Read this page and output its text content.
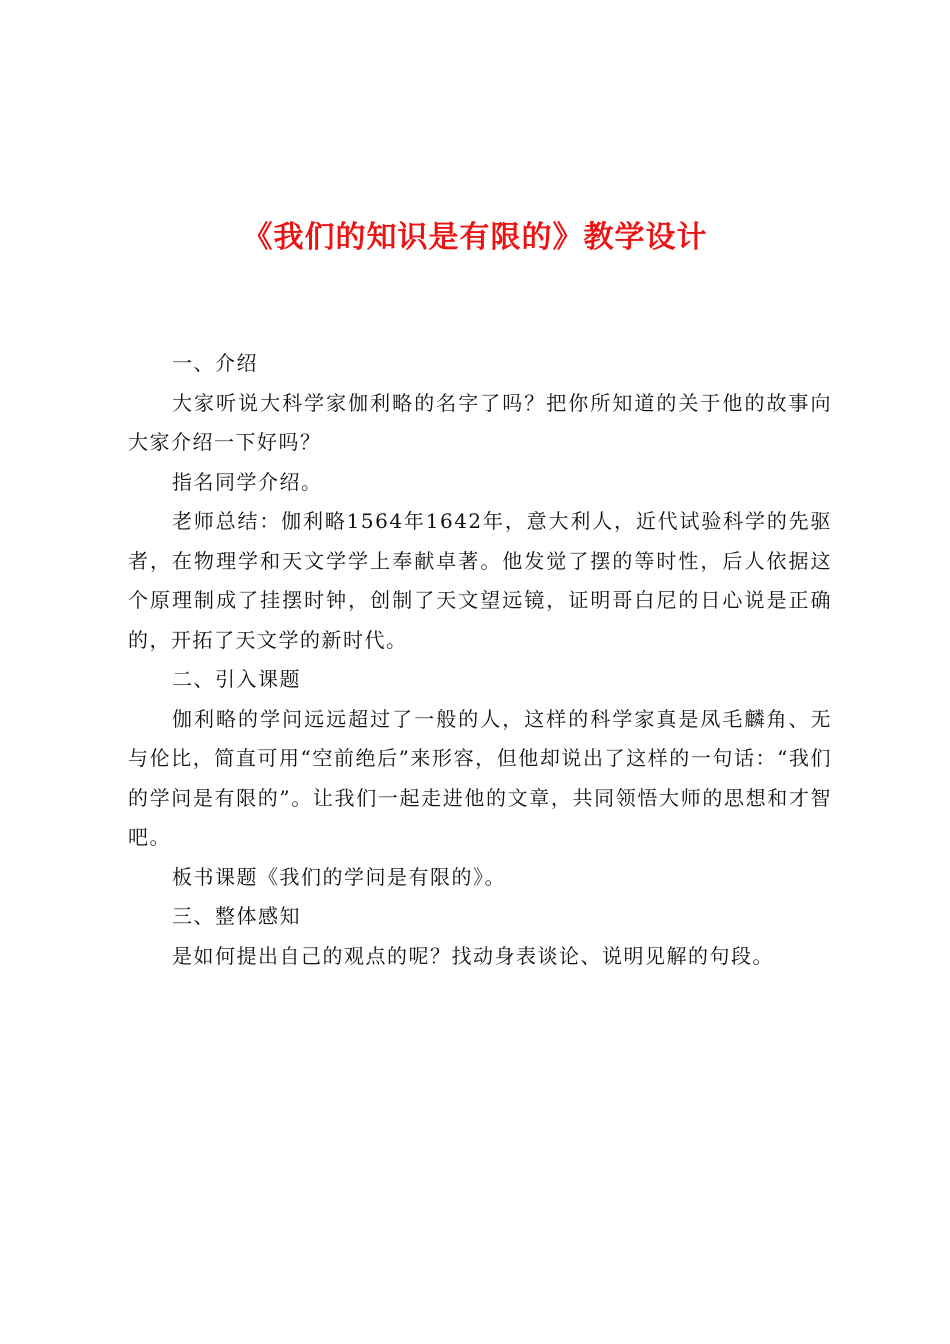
《我们的知识是有限的》教学设计

一、介绍

大家听说大科学家伽利略的名字了吗？把你所知道的关于他的故事向大家介绍一下好吗？

指名同学介绍。

老师总结：伽利略1564年1642年，意大利人，近代试验科学的先驱者，在物理学和天文学学上奉献卓著。他发觉了摆的等时性，后人依据这个原理制成了挂摆时钟，创制了天文望远镜，证明哥白尼的日心说是正确的，开拓了天文学的新时代。

二、引入课题

伽利略的学问远远超过了一般的人，这样的科学家真是凤毛麟角、无与伦比，简直可用“空前绝后”来形容，但他却说出了这样的一句话：“我们的学问是有限的”。让我们一起走进他的文章，共同领悟大师的思想和才智吧。

板书课题《我们的学问是有限的》。

三、整体感知

是如何提出自己的观点的呢？找动身表谈论、说明见解的句段。
